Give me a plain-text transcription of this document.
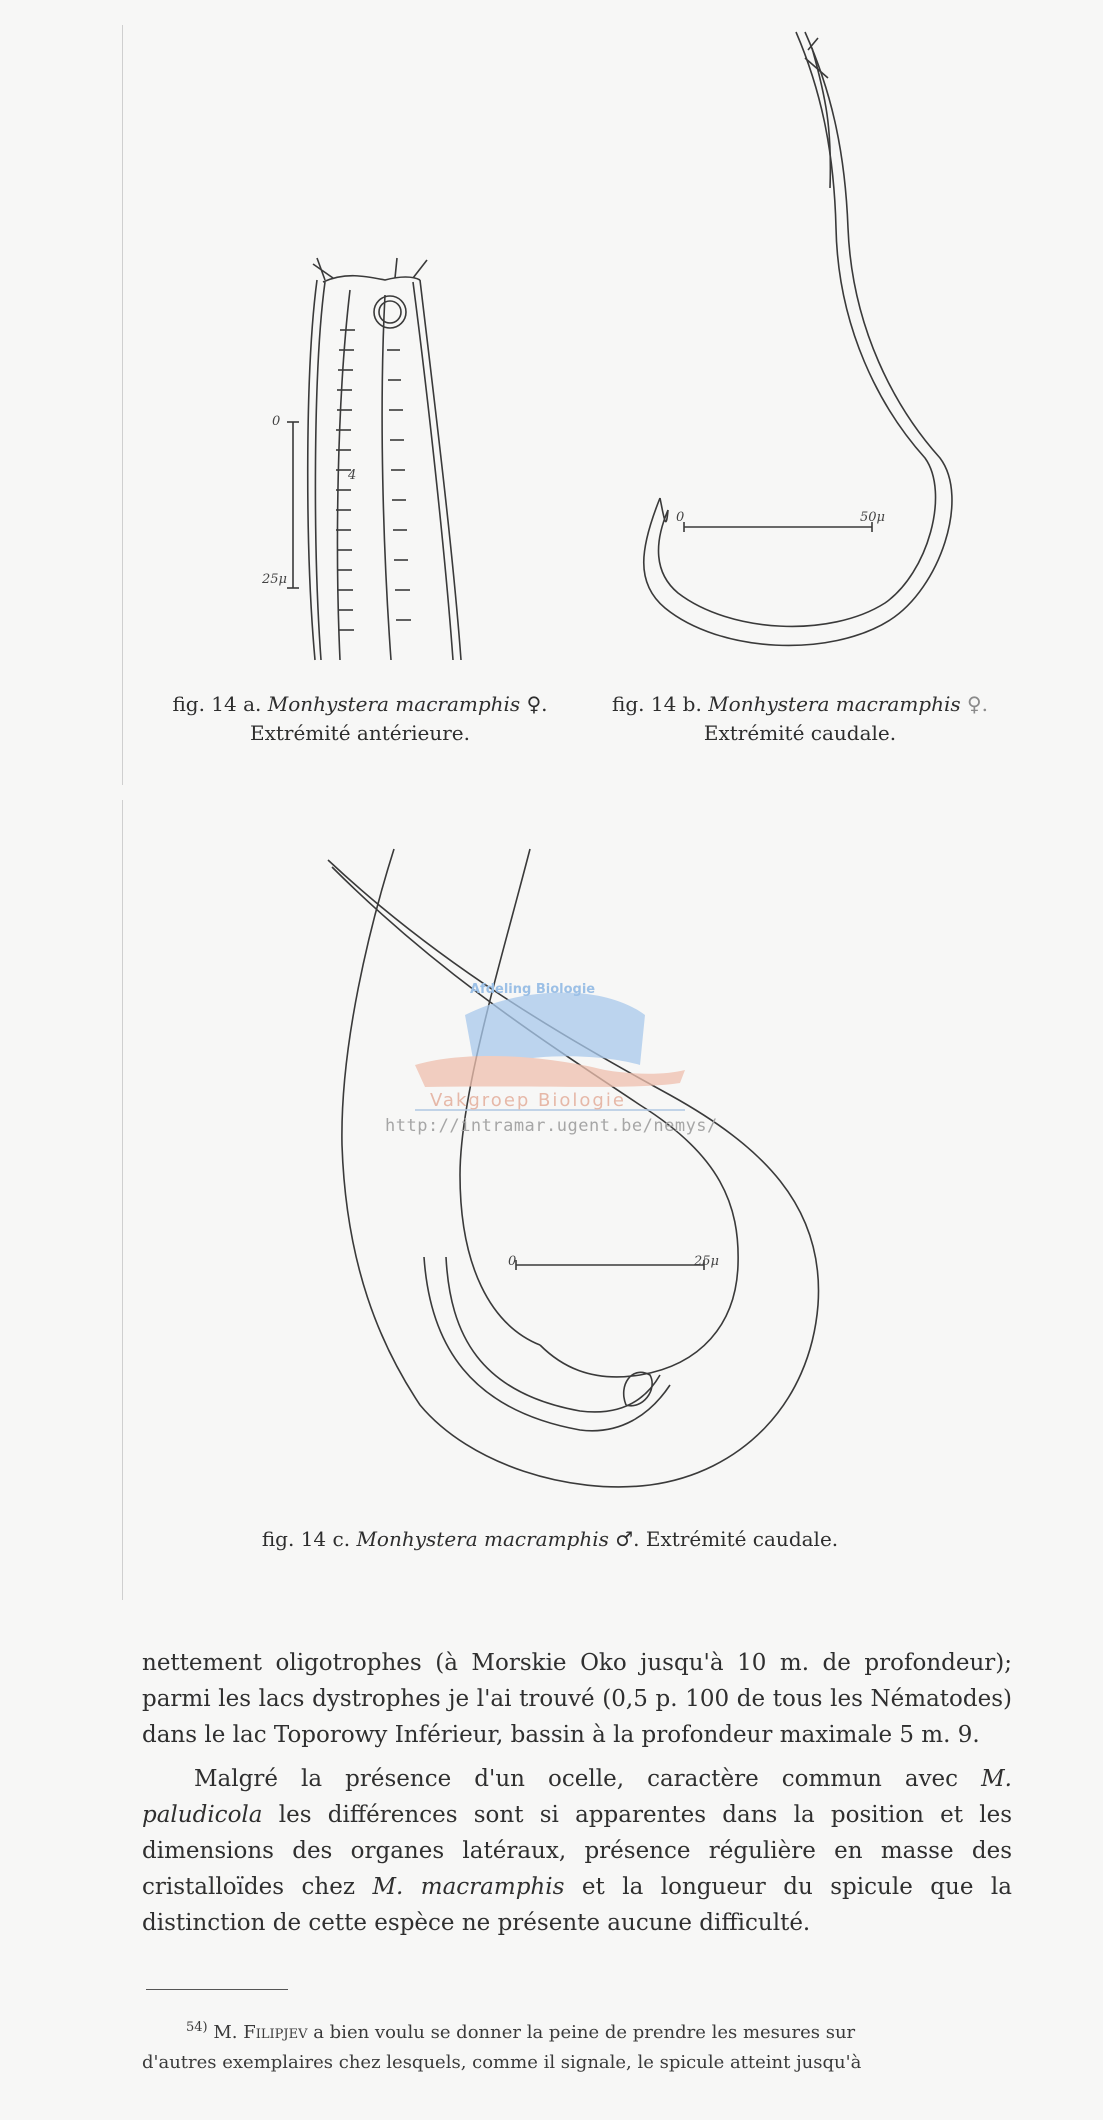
0
25μ
4
0	50μ
fig. 14 a. Monhystera macramphis ♀.
Extrémité antérieure.
fig. 14 b. Monhystera macramphis ♀.
Extrémité caudale.
0	25μ
Afdeling Biologie
Vakgroep Biologie
http://intramar.ugent.be/nemys/
fig. 14 c. Monhystera macramphis ♂. Extrémité caudale.

nettement oligotrophes (à Morskie Oko jusqu'à 10 m. de profondeur); parmi les lacs dystrophes je l'ai trouvé (0,5 p. 100 de tous les Nématodes) dans le lac Toporowy Inférieur, bassin à la profondeur maximale 5 m. 9.

Malgré la présence d'un ocelle, caractère commun avec M. paludicola les différences sont si apparentes dans la position et les dimensions des organes latéraux, présence régulière en masse des cristalloïdes chez M. macramphis et la longueur du spicule que la distinction de cette espèce ne présente aucune difficulté.

$^{54)}$ M. Filipjev a bien voulu se donner la peine de prendre les mesures sur
d'autres exemplaires chez lesquels, comme il signale, le spicule atteint jusqu'à
